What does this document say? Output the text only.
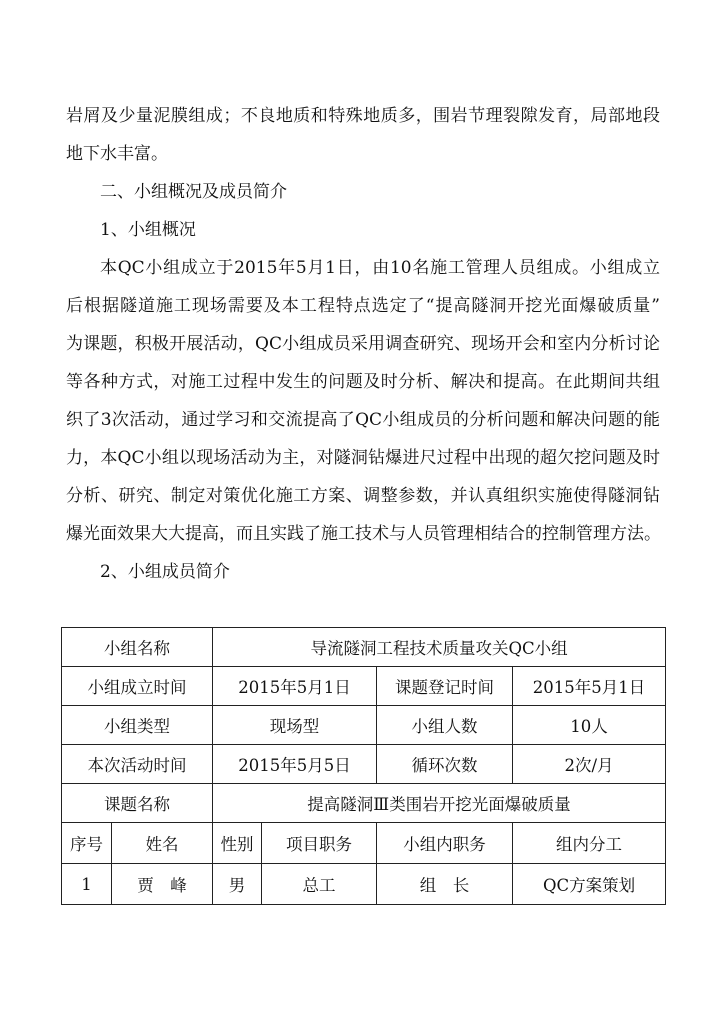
岩屑及少量泥膜组成；不良地质和特殊地质多，围岩节理裂隙发育，局部地段
地下水丰富。
二、小组概况及成员简介
1、小组概况
本QC小组成立于2015年5月1日，由10名施工管理人员组成。小组成立
后根据隧道施工现场需要及本工程特点选定了“提高隧洞开挖光面爆破质量”
为课题，积极开展活动，QC小组成员采用调查研究、现场开会和室内分析讨论
等各种方式，对施工过程中发生的问题及时分析、解决和提高。在此期间共组
织了3次活动，通过学习和交流提高了QC小组成员的分析问题和解决问题的能
力，本QC小组以现场活动为主，对隧洞钻爆进尺过程中出现的超欠挖问题及时
分析、研究、制定对策优化施工方案、调整参数，并认真组织实施使得隧洞钻
爆光面效果大大提高，而且实践了施工技术与人员管理相结合的控制管理方法。
2、小组成员简介
小组名称		导流隧洞工程技术质量攻关QC小组			
小组成立时间		2015年5月1日		课题登记时间	2015年5月1日
小组类型		现场型		小组人数	10人
本次活动时间		2015年5月5日		循环次数	2次/月
课题名称		提高隧洞Ⅲ类围岩开挖光面爆破质量			
序号	姓名	性别	项目职务	小组内职务	组内分工
1	贾　峰	男	总工	组　长	QC方案策划
